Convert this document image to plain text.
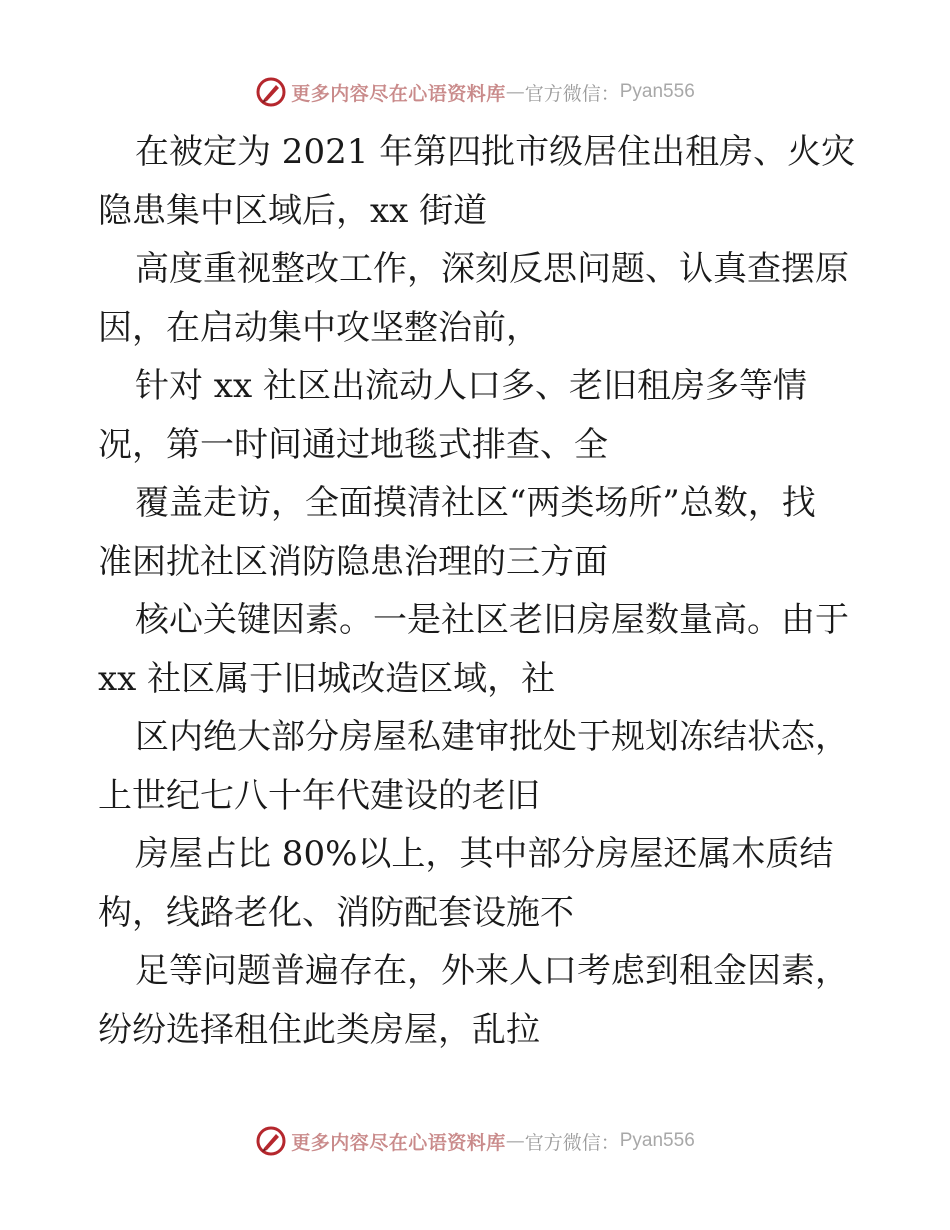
更多内容尽在心语资料库 — 官方微信： Pyan556

在被定为 2021 年第四批市级居住出租房、火灾

隐患集中区域后，xx 街道

高度重视整改工作，深刻反思问题、认真查摆原

因，在启动集中攻坚整治前，

针对 xx 社区出流动人口多、老旧租房多等情

况，第一时间通过地毯式排查、全

覆盖走访，全面摸清社区“两类场所”总数，找

准困扰社区消防隐患治理的三方面

核心关键因素。一是社区老旧房屋数量高。由于

xx 社区属于旧城改造区域，社

区内绝大部分房屋私建审批处于规划冻结状态，

上世纪七八十年代建设的老旧

房屋占比 80%以上，其中部分房屋还属木质结

构，线路老化、消防配套设施不

足等问题普遍存在，外来人口考虑到租金因素，

纷纷选择租住此类房屋，乱拉

更多内容尽在心语资料库 — 官方微信： Pyan556
